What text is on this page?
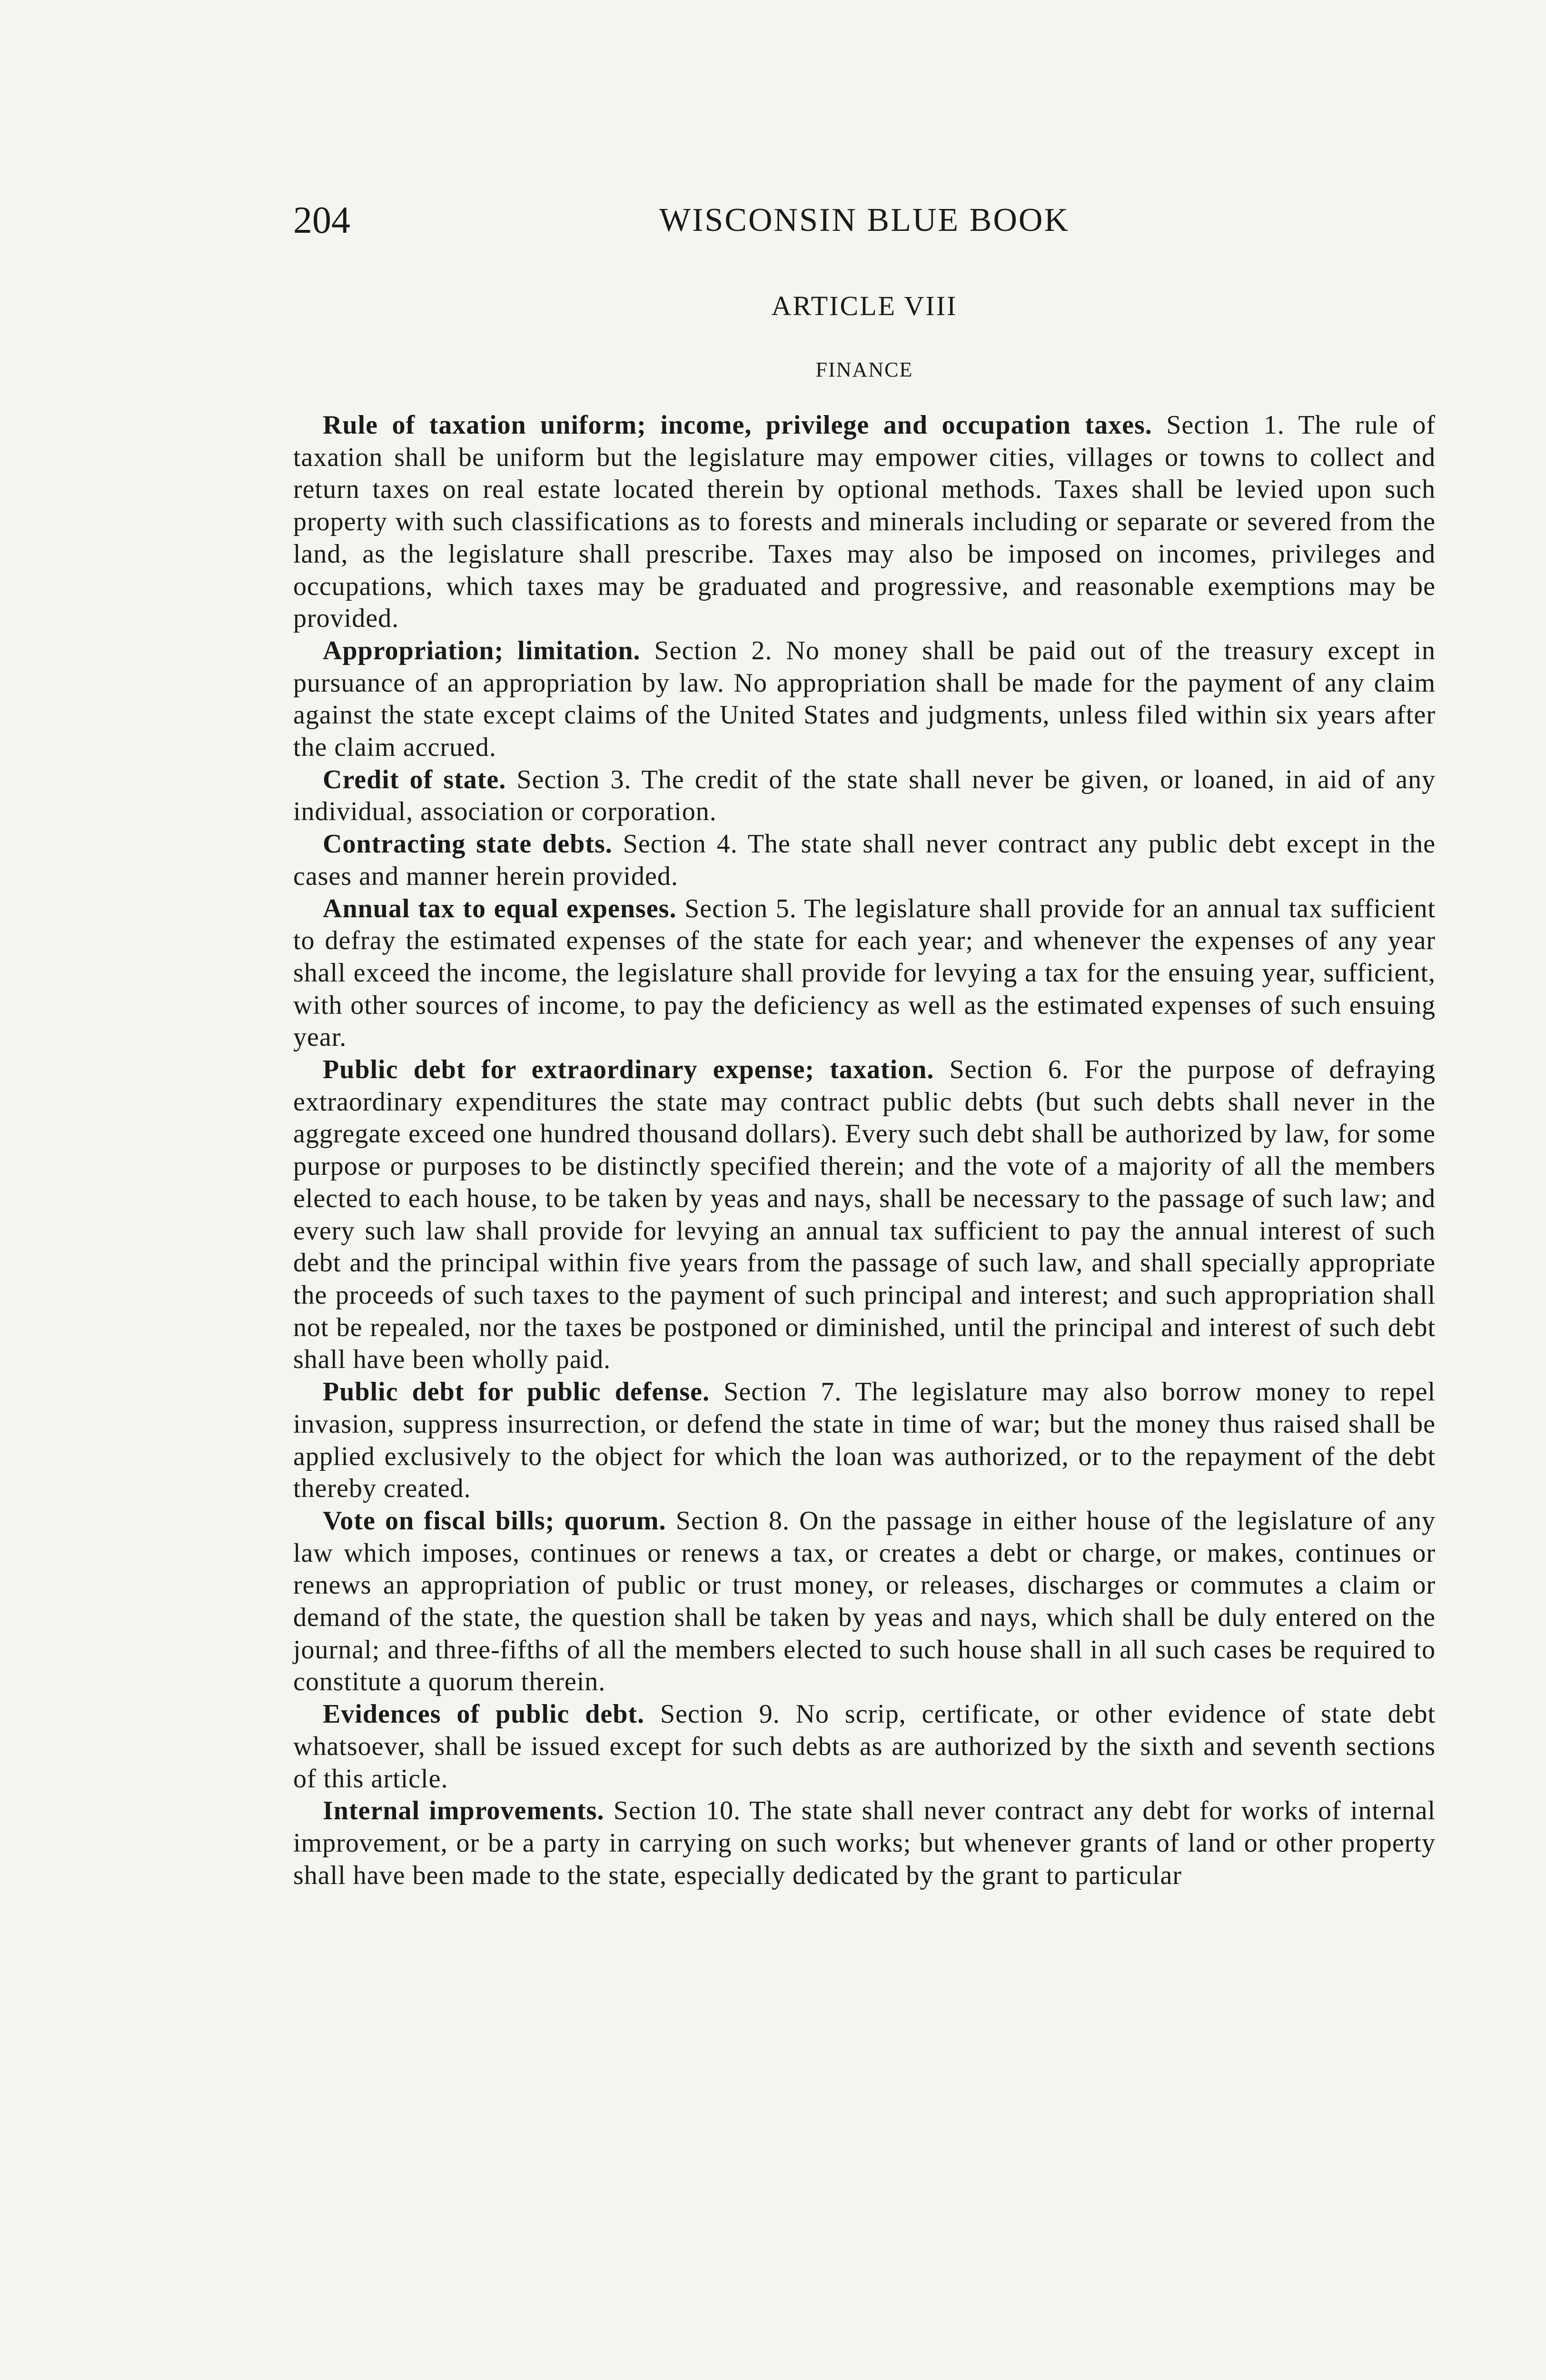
204	WISCONSIN BLUE BOOK
ARTICLE VIII
FINANCE

Rule of taxation uniform; income, privilege and occupation taxes. Section 1. The rule of taxation shall be uniform but the legislature may empower cities, villages or towns to collect and return taxes on real estate located therein by optional methods. Taxes shall be levied upon such property with such classifications as to forests and minerals including or separate or severed from the land, as the legislature shall prescribe. Taxes may also be imposed on incomes, privileges and occupations, which taxes may be graduated and progressive, and reasonable exemptions may be provided.

Appropriation; limitation. Section 2. No money shall be paid out of the treasury except in pursuance of an appropriation by law. No appropriation shall be made for the payment of any claim against the state except claims of the United States and judgments, unless filed within six years after the claim accrued.

Credit of state. Section 3. The credit of the state shall never be given, or loaned, in aid of any individual, association or corporation.

Contracting state debts. Section 4. The state shall never contract any public debt except in the cases and manner herein provided.

Annual tax to equal expenses. Section 5. The legislature shall provide for an annual tax sufficient to defray the estimated expenses of the state for each year; and whenever the expenses of any year shall exceed the income, the legislature shall provide for levying a tax for the ensuing year, sufficient, with other sources of income, to pay the deficiency as well as the estimated expenses of such ensuing year.

Public debt for extraordinary expense; taxation. Section 6. For the purpose of defraying extraordinary expenditures the state may contract public debts (but such debts shall never in the aggregate exceed one hundred thousand dollars). Every such debt shall be authorized by law, for some purpose or purposes to be distinctly specified therein; and the vote of a majority of all the members elected to each house, to be taken by yeas and nays, shall be necessary to the passage of such law; and every such law shall provide for levying an annual tax sufficient to pay the annual interest of such debt and the principal within five years from the passage of such law, and shall specially appropriate the proceeds of such taxes to the payment of such principal and interest; and such appropriation shall not be repealed, nor the taxes be postponed or diminished, until the principal and interest of such debt shall have been wholly paid.

Public debt for public defense. Section 7. The legislature may also borrow money to repel invasion, suppress insurrection, or defend the state in time of war; but the money thus raised shall be applied exclusively to the object for which the loan was authorized, or to the repayment of the debt thereby created.

Vote on fiscal bills; quorum. Section 8. On the passage in either house of the legislature of any law which imposes, continues or renews a tax, or creates a debt or charge, or makes, continues or renews an appropriation of public or trust money, or releases, discharges or commutes a claim or demand of the state, the question shall be taken by yeas and nays, which shall be duly entered on the journal; and three-fifths of all the members elected to such house shall in all such cases be required to constitute a quorum therein.

Evidences of public debt. Section 9. No scrip, certificate, or other evidence of state debt whatsoever, shall be issued except for such debts as are authorized by the sixth and seventh sections of this article.

Internal improvements. Section 10. The state shall never contract any debt for works of internal improvement, or be a party in carrying on such works; but whenever grants of land or other property shall have been made to the state, especially dedicated by the grant to particular
